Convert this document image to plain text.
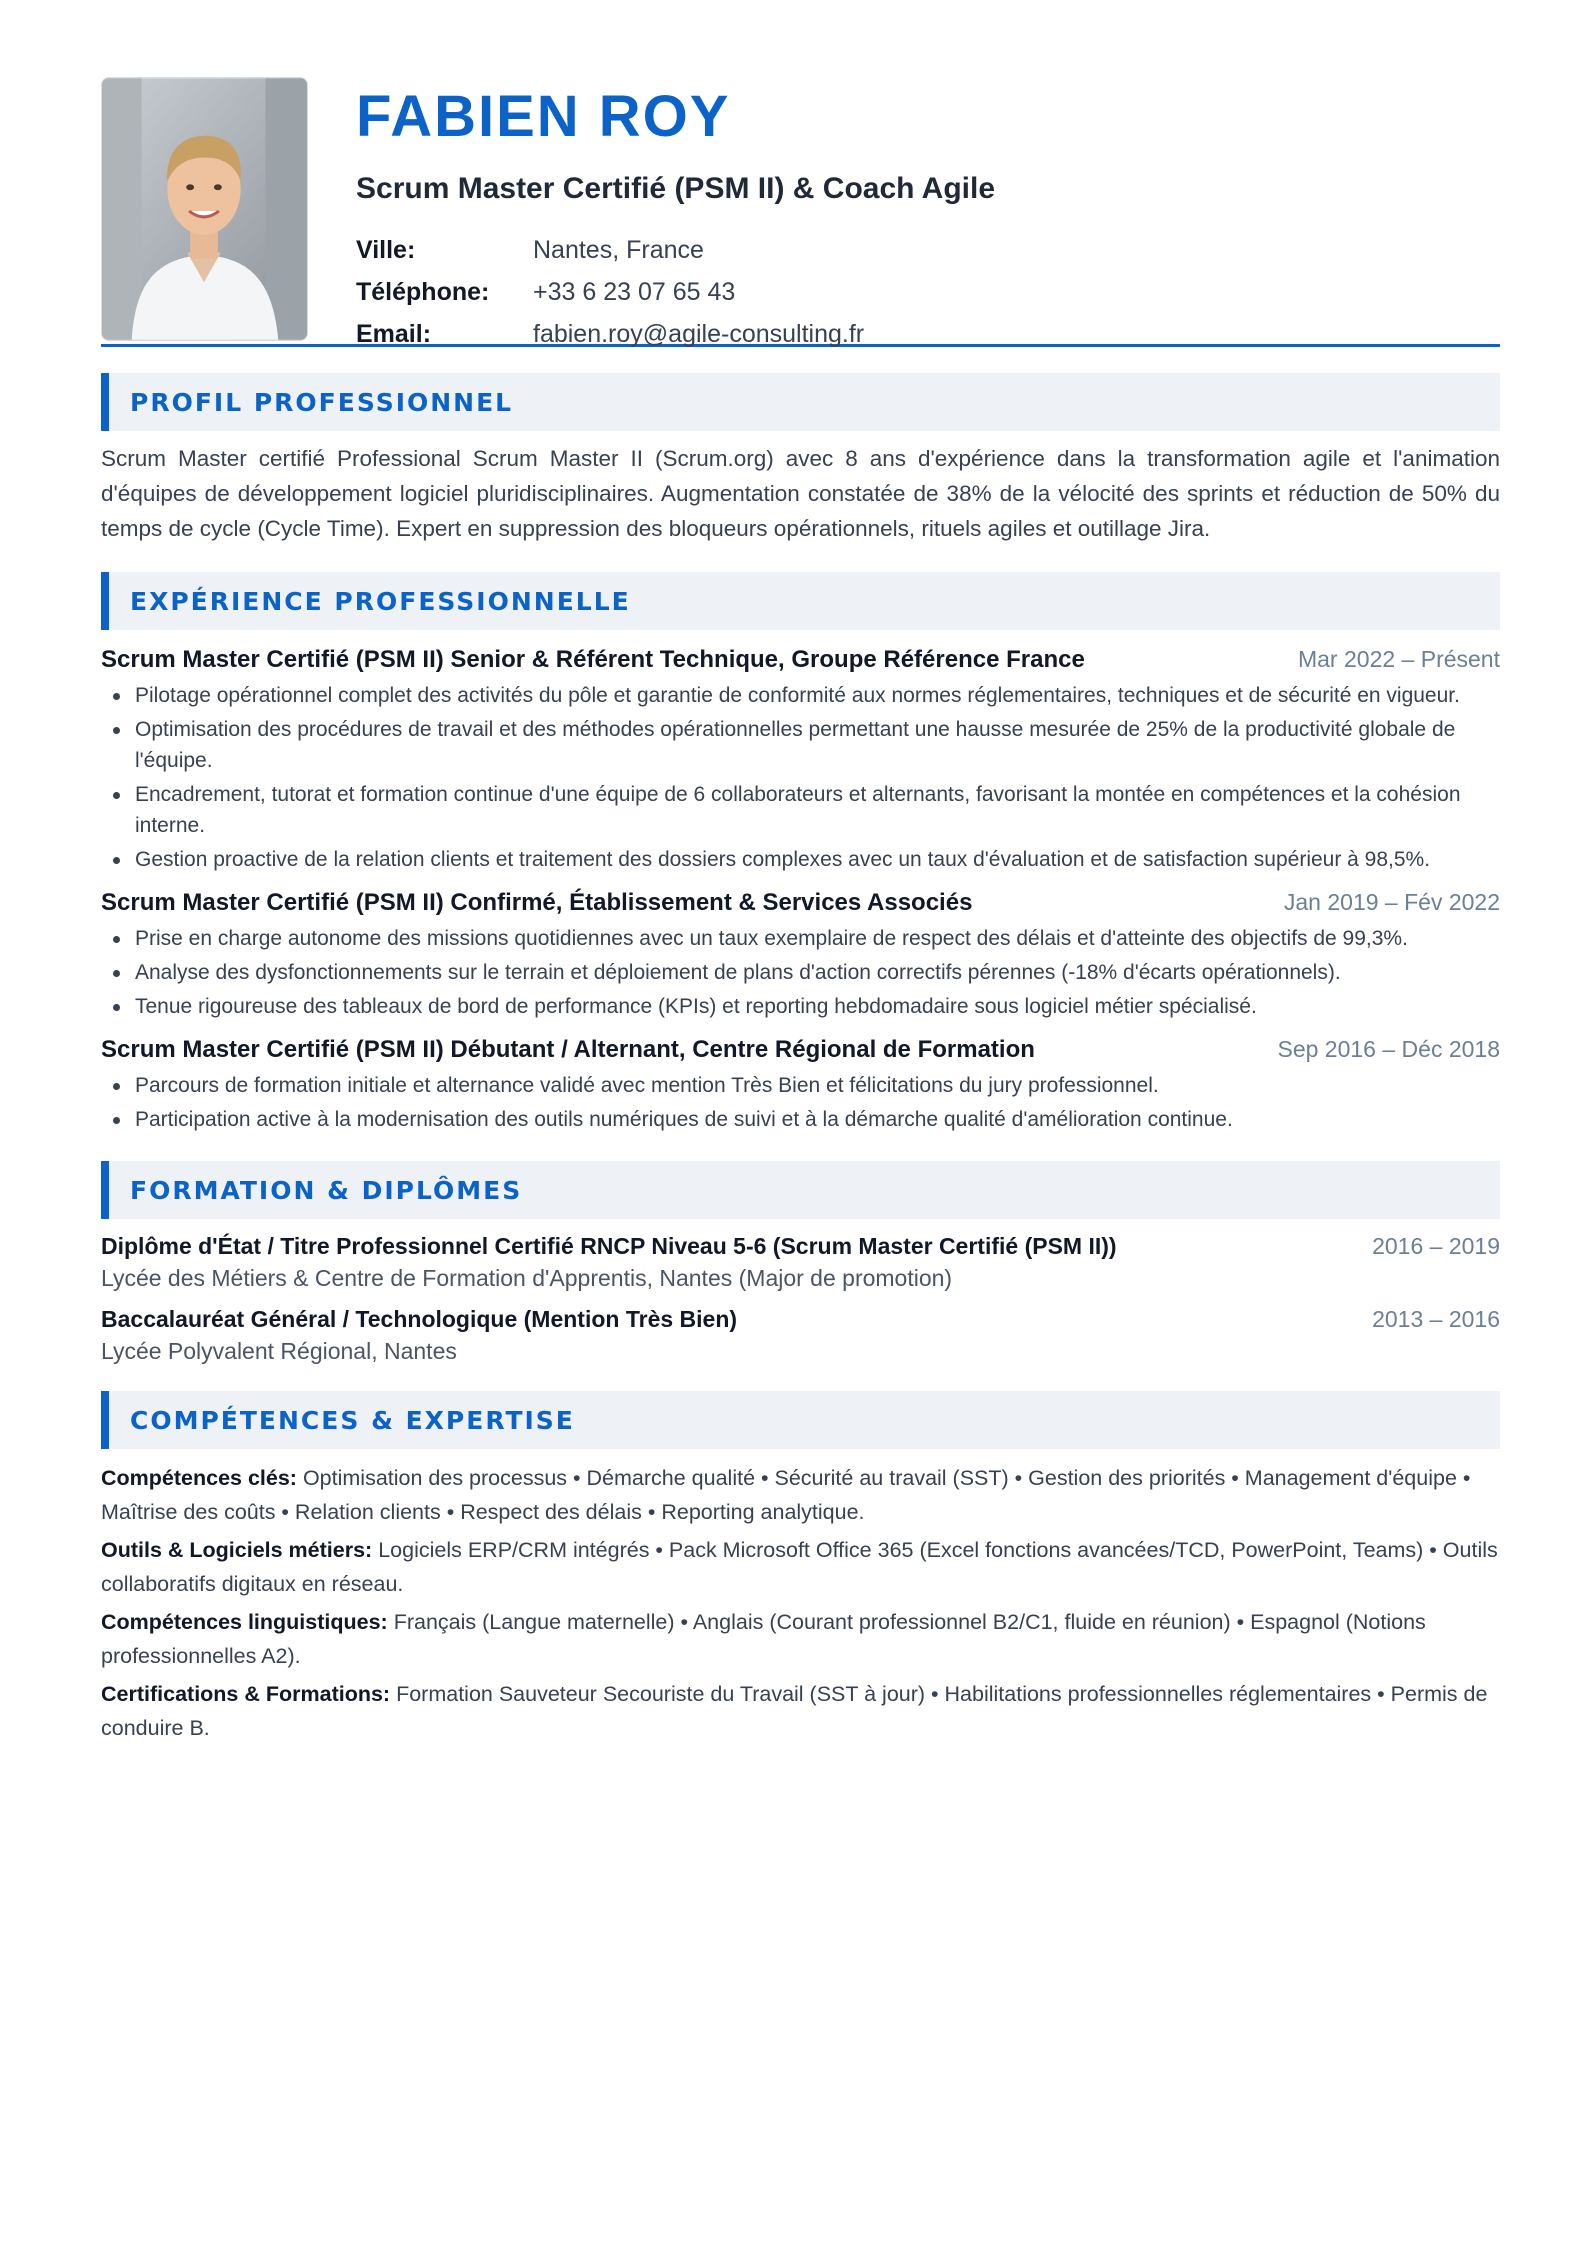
FABIEN ROY
Scrum Master Certifié (PSM II) & Coach Agile
Ville:	Nantes, France
Téléphone:	+33 6 23 07 65 43
Email:	fabien.roy@agile-consulting.fr
PROFIL PROFESSIONNEL
Scrum Master certifié Professional Scrum Master II (Scrum.org) avec 8 ans d'expérience dans la transformation agile et l'animation d'équipes de développement logiciel pluridisciplinaires. Augmentation constatée de 38% de la vélocité des sprints et réduction de 50% du temps de cycle (Cycle Time). Expert en suppression des bloqueurs opérationnels, rituels agiles et outillage Jira.
EXPÉRIENCE PROFESSIONNELLE
Scrum Master Certifié (PSM II) Senior & Référent Technique, Groupe Référence France	Mar 2022 – Présent
Pilotage opérationnel complet des activités du pôle et garantie de conformité aux normes réglementaires, techniques et de sécurité en vigueur.
Optimisation des procédures de travail et des méthodes opérationnelles permettant une hausse mesurée de 25% de la productivité globale de l'équipe.
Encadrement, tutorat et formation continue d'une équipe de 6 collaborateurs et alternants, favorisant la montée en compétences et la cohésion interne.
Gestion proactive de la relation clients et traitement des dossiers complexes avec un taux d'évaluation et de satisfaction supérieur à 98,5%.
Scrum Master Certifié (PSM II) Confirmé, Établissement & Services Associés	Jan 2019 – Fév 2022
Prise en charge autonome des missions quotidiennes avec un taux exemplaire de respect des délais et d'atteinte des objectifs de 99,3%.
Analyse des dysfonctionnements sur le terrain et déploiement de plans d'action correctifs pérennes (-18% d'écarts opérationnels).
Tenue rigoureuse des tableaux de bord de performance (KPIs) et reporting hebdomadaire sous logiciel métier spécialisé.
Scrum Master Certifié (PSM II) Débutant / Alternant, Centre Régional de Formation	Sep 2016 – Déc 2018
Parcours de formation initiale et alternance validé avec mention Très Bien et félicitations du jury professionnel.
Participation active à la modernisation des outils numériques de suivi et à la démarche qualité d'amélioration continue.
FORMATION & DIPLÔMES
Diplôme d'État / Titre Professionnel Certifié RNCP Niveau 5-6 (Scrum Master Certifié (PSM II))	2016 – 2019
Lycée des Métiers & Centre de Formation d'Apprentis, Nantes (Major de promotion)
Baccalauréat Général / Technologique (Mention Très Bien)	2013 – 2016
Lycée Polyvalent Régional, Nantes
COMPÉTENCES & EXPERTISE
Compétences clés: Optimisation des processus • Démarche qualité • Sécurité au travail (SST) • Gestion des priorités • Management d'équipe • Maîtrise des coûts • Relation clients • Respect des délais • Reporting analytique.
Outils & Logiciels métiers: Logiciels ERP/CRM intégrés • Pack Microsoft Office 365 (Excel fonctions avancées/TCD, PowerPoint, Teams) • Outils collaboratifs digitaux en réseau.
Compétences linguistiques: Français (Langue maternelle) • Anglais (Courant professionnel B2/C1, fluide en réunion) • Espagnol (Notions professionnelles A2).
Certifications & Formations: Formation Sauveteur Secouriste du Travail (SST à jour) • Habilitations professionnelles réglementaires • Permis de conduire B.
